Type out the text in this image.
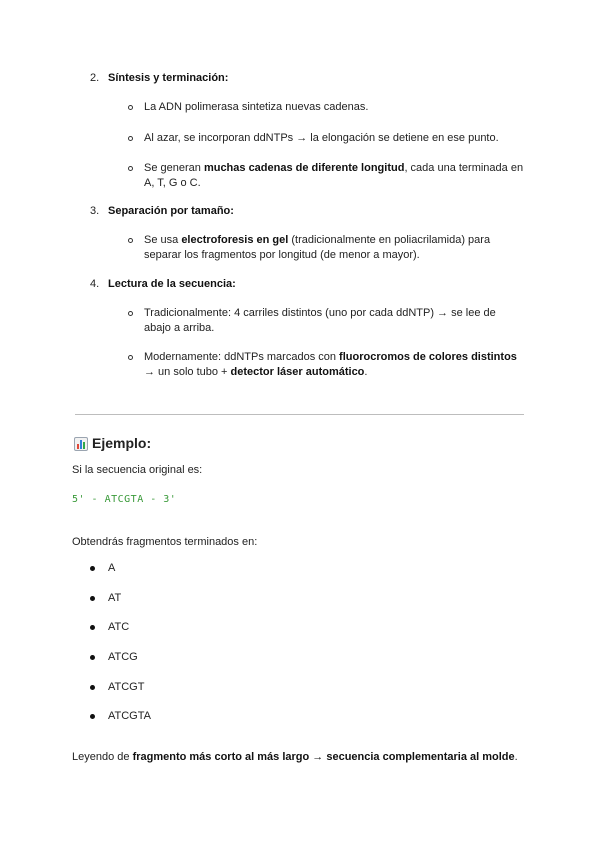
2. Síntesis y terminación:
La ADN polimerasa sintetiza nuevas cadenas.
Al azar, se incorporan ddNTPs → la elongación se detiene en ese punto.
Se generan muchas cadenas de diferente longitud, cada una terminada en
A, T, G o C.
3. Separación por tamaño:
Se usa electroforesis en gel (tradicionalmente en poliacrilamida) para
separar los fragmentos por longitud (de menor a mayor).
4. Lectura de la secuencia:
Tradicionalmente: 4 carriles distintos (uno por cada ddNTP) → se lee de
abajo a arriba.
Modernamente: ddNTPs marcados con fluorocromos de colores distintos
→ un solo tubo + detector láser automático.
Ejemplo:
Si la secuencia original es:
5' - ATCGTA - 3'
Obtendrás fragmentos terminados en:
A
AT
ATC
ATCG
ATCGT
ATCGTA
Leyendo de fragmento más corto al más largo → secuencia complementaria al molde.
